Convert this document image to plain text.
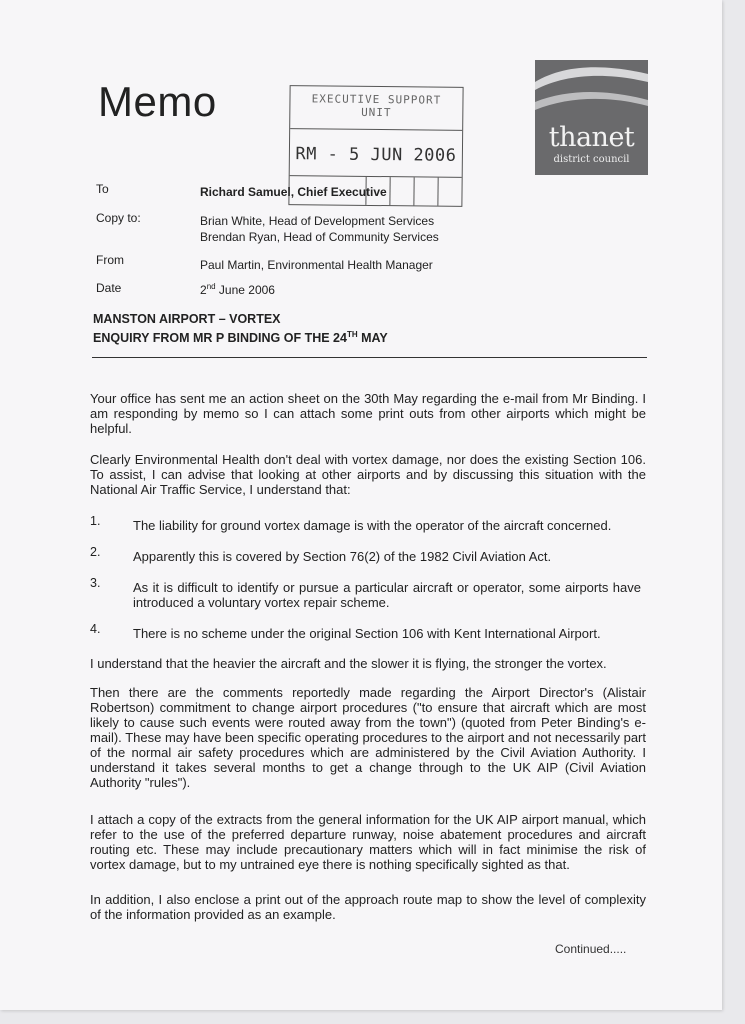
Memo	EXECUTIVE SUPPORT
UNIT
RM - 5 JUN 2006
thanet
district council
To	Richard Samuel, Chief Executive
Copy to:	Brian White, Head of Development Services
Brendan Ryan, Head of Community Services
From	Paul Martin, Environmental Health Manager
Date	2nd June 2006
MANSTON AIRPORT – VORTEX
ENQUIRY FROM MR P BINDING OF THE 24TH MAY
Your office has sent me an action sheet on the 30th May regarding the e-mail from Mr Binding. I am responding by memo so I can attach some print outs from other airports which might be helpful.
Clearly Environmental Health don't deal with vortex damage, nor does the existing Section 106. To assist, I can advise that looking at other airports and by discussing this situation with the National Air Traffic Service, I understand that:
1.	The liability for ground vortex damage is with the operator of the aircraft concerned.
2.	Apparently this is covered by Section 76(2) of the 1982 Civil Aviation Act.
3.	As it is difficult to identify or pursue a particular aircraft or operator, some airports have introduced a voluntary vortex repair scheme.
4.	There is no scheme under the original Section 106 with Kent International Airport.
I understand that the heavier the aircraft and the slower it is flying, the stronger the vortex.
Then there are the comments reportedly made regarding the Airport Director's (Alistair Robertson) commitment to change airport procedures ("to ensure that aircraft which are most likely to cause such events were routed away from the town") (quoted from Peter Binding's e-mail). These may have been specific operating procedures to the airport and not necessarily part of the normal air safety procedures which are administered by the Civil Aviation Authority. I understand it takes several months to get a change through to the UK AIP (Civil Aviation Authority "rules").
I attach a copy of the extracts from the general information for the UK AIP airport manual, which refer to the use of the preferred departure runway, noise abatement procedures and aircraft routing etc. These may include precautionary matters which will in fact minimise the risk of vortex damage, but to my untrained eye there is nothing specifically sighted as that.
In addition, I also enclose a print out of the approach route map to show the level of complexity of the information provided as an example.
Continued.....
